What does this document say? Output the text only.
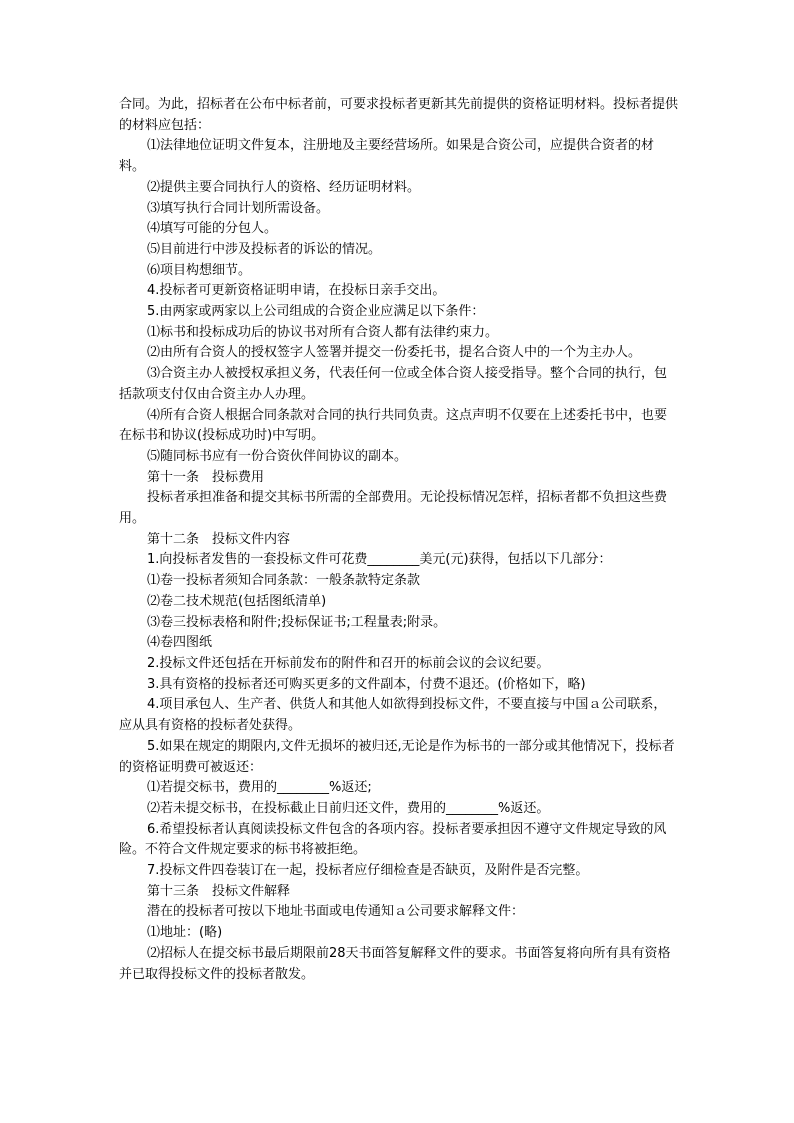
合同。为此，招标者在公布中标者前，可要求投标者更新其先前提供的资格证明材料。投标者提供的材料应包括：

⑴法律地位证明文件复本，注册地及主要经营场所。如果是合资公司，应提供合资者的材料。

⑵提供主要合同执行人的资格、经历证明材料。

⑶填写执行合同计划所需设备。

⑷填写可能的分包人。

⑸目前进行中涉及投标者的诉讼的情况。

⑹项目构想细节。

4.投标者可更新资格证明申请，在投标日亲手交出。

5.由两家或两家以上公司组成的合资企业应满足以下条件：

⑴标书和投标成功后的协议书对所有合资人都有法律约束力。

⑵由所有合资人的授权签字人签署并提交一份委托书，提名合资人中的一个为主办人。

⑶合资主办人被授权承担义务，代表任何一位或全体合资人接受指导。整个合同的执行，包括款项支付仅由合资主办人办理。

⑷所有合资人根据合同条款对合同的执行共同负责。这点声明不仅要在上述委托书中，也要在标书和协议(投标成功时)中写明。

⑸随同标书应有一份合资伙伴间协议的副本。

第十一条　投标费用

投标者承担准备和提交其标书所需的全部费用。无论投标情况怎样，招标者都不负担这些费用。

第十二条　投标文件内容

1.向投标者发售的一套投标文件可花费________美元(元)获得，包括以下几部分：

⑴卷一投标者须知合同条款：一般条款特定条款

⑵卷二技术规范(包括图纸清单)

⑶卷三投标表格和附件;投标保证书;工程量表;附录。

⑷卷四图纸

2.投标文件还包括在开标前发布的附件和召开的标前会议的会议纪要。

3.具有资格的投标者还可购买更多的文件副本，付费不退还。(价格如下，略)

4.项目承包人、生产者、供货人和其他人如欲得到投标文件，不要直接与中国ａ公司联系，应从具有资格的投标者处获得。

5.如果在规定的期限内,文件无损坏的被归还,无论是作为标书的一部分或其他情况下，投标者的资格证明费可被返还：

⑴若提交标书，费用的________%返还;

⑵若未提交标书，在投标截止日前归还文件，费用的________%返还。

6.希望投标者认真阅读投标文件包含的各项内容。投标者要承担因不遵守文件规定导致的风险。不符合文件规定要求的标书将被拒绝。

7.投标文件四卷装订在一起，投标者应仔细检查是否缺页，及附件是否完整。

第十三条　投标文件解释

潜在的投标者可按以下地址书面或电传通知ａ公司要求解释文件：

⑴地址：(略)

⑵招标人在提交标书最后期限前28天书面答复解释文件的要求。书面答复将向所有具有资格并已取得投标文件的投标者散发。
